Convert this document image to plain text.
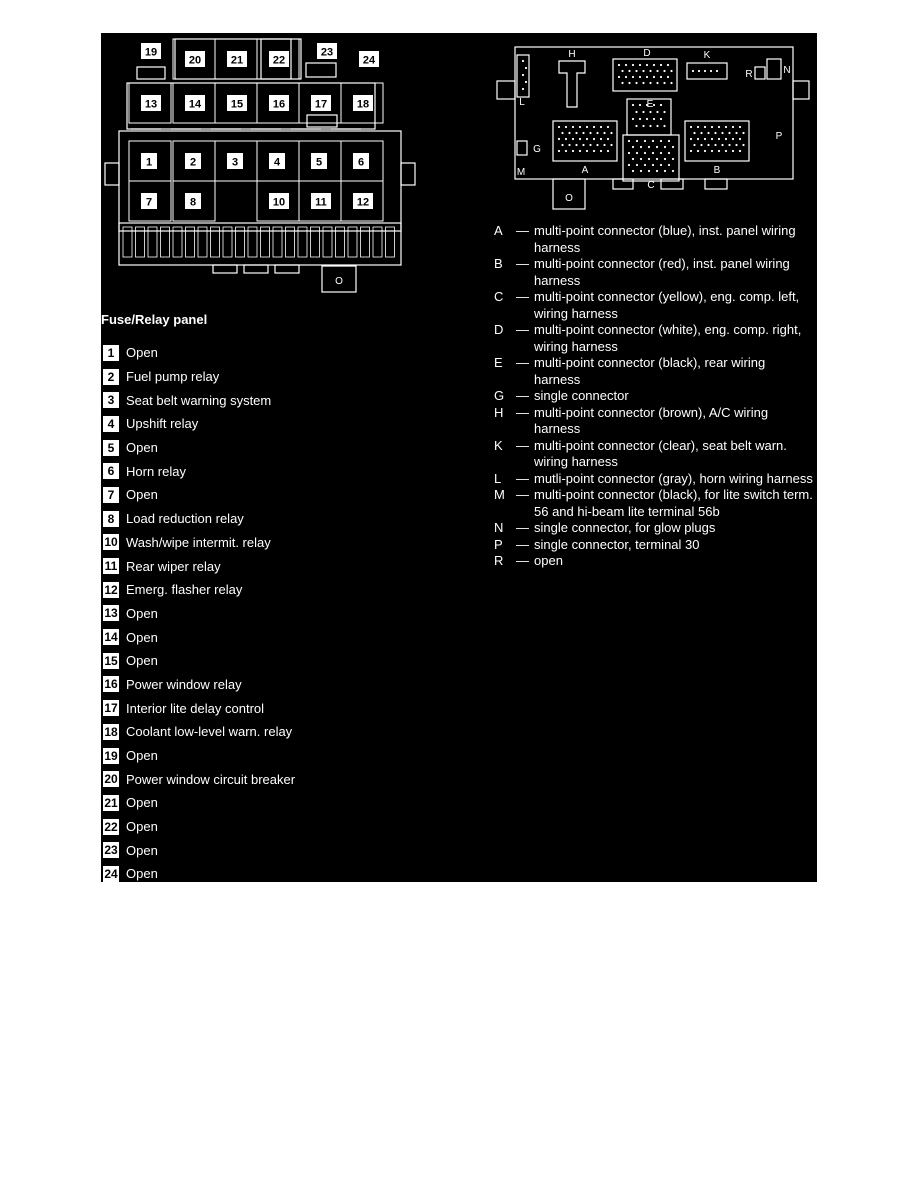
1	2	3	4	5	6
7	8	10	11	12
13	14	15	16	17	18
19
20	21	22
23
24
O
H	D	K
L	E
A	B
C
G
M
R	N
P
O
Fuse/Relay panel
1 Open
2 Fuel pump relay
3 Seat belt warning system
4 Upshift relay
5 Open
6 Horn relay
7 Open
8 Load reduction relay
10 Wash/wipe intermit. relay
11 Rear wiper relay
12 Emerg. flasher relay
13 Open
14 Open
15 Open
16 Power window relay
17 Interior lite delay control
18 Coolant low-level warn. relay
19 Open
20 Power window circuit breaker
21 Open
22 Open
23 Open
24 Open
A	— multi-point connector (blue), inst. panel wiring harness
B	— multi-point connector (red), inst. panel wiring harness
C — multi-point connector (yellow), eng. comp. left, wiring harness
D — multi-point connector (white), eng. comp. right, wiring harness
E	— multi-point connector (black), rear wiring harness
G — single connector
H — multi-point connector (brown), A/C wiring harness
K	— multi-point connector (clear), seat belt warn. wiring harness
L	— mutli-point connector (gray), horn wiring harness
M — multi-point connector (black), for lite switch term. 56 and hi-beam lite terminal 56b
N — single connector, for glow plugs
P	— single connector, terminal 30
R — open
